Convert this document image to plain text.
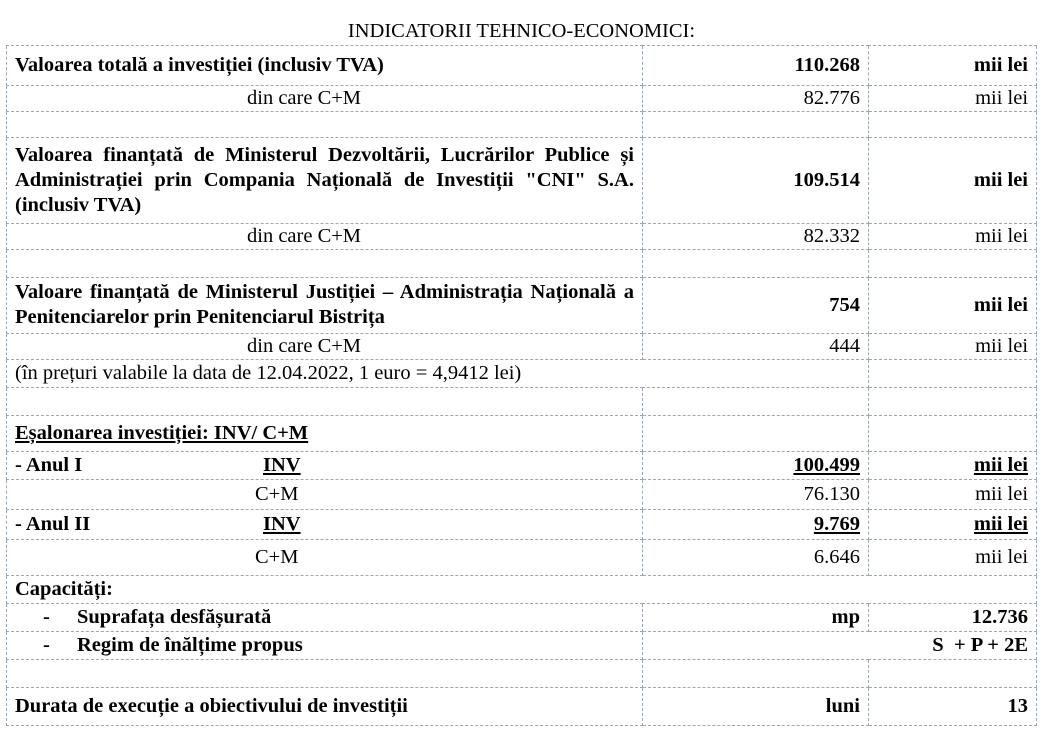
INDICATORII TEHNICO-ECONOMICI:		
Valoarea totală a investiției (inclusiv TVA)	110.268	mii lei
din care C+M	82.776	mii lei

Valoarea finanțată de Ministerul Dezvoltării, Lucrărilor Publice și Administrației prin Compania Națională de Investiții "CNI" S.A. (inclusiv TVA)	109.514	mii lei
din care C+M	82.332	mii lei

Valoare finanțată de Ministerul Justiției – Administrația Națională a Penitenciarelor prin Penitenciarul Bistrița	754	mii lei
din care C+M	444	mii lei
(în prețuri valabile la data de 12.04.2022, 1 euro = 4,9412 lei)		

Eșalonarea investiției: INV/ C+M		

- Anul I INV	100.499	mii lei

C+M	76.130	mii lei

- Anul II INV	9.769	mii lei

C+M	6.646	mii lei
Capacități:		
- Suprafața desfășurată	mp	12.736
- Regim de înălțime propus	S  + P + 2E	

Durata de execuție a obiectivului de investiții	luni	13
